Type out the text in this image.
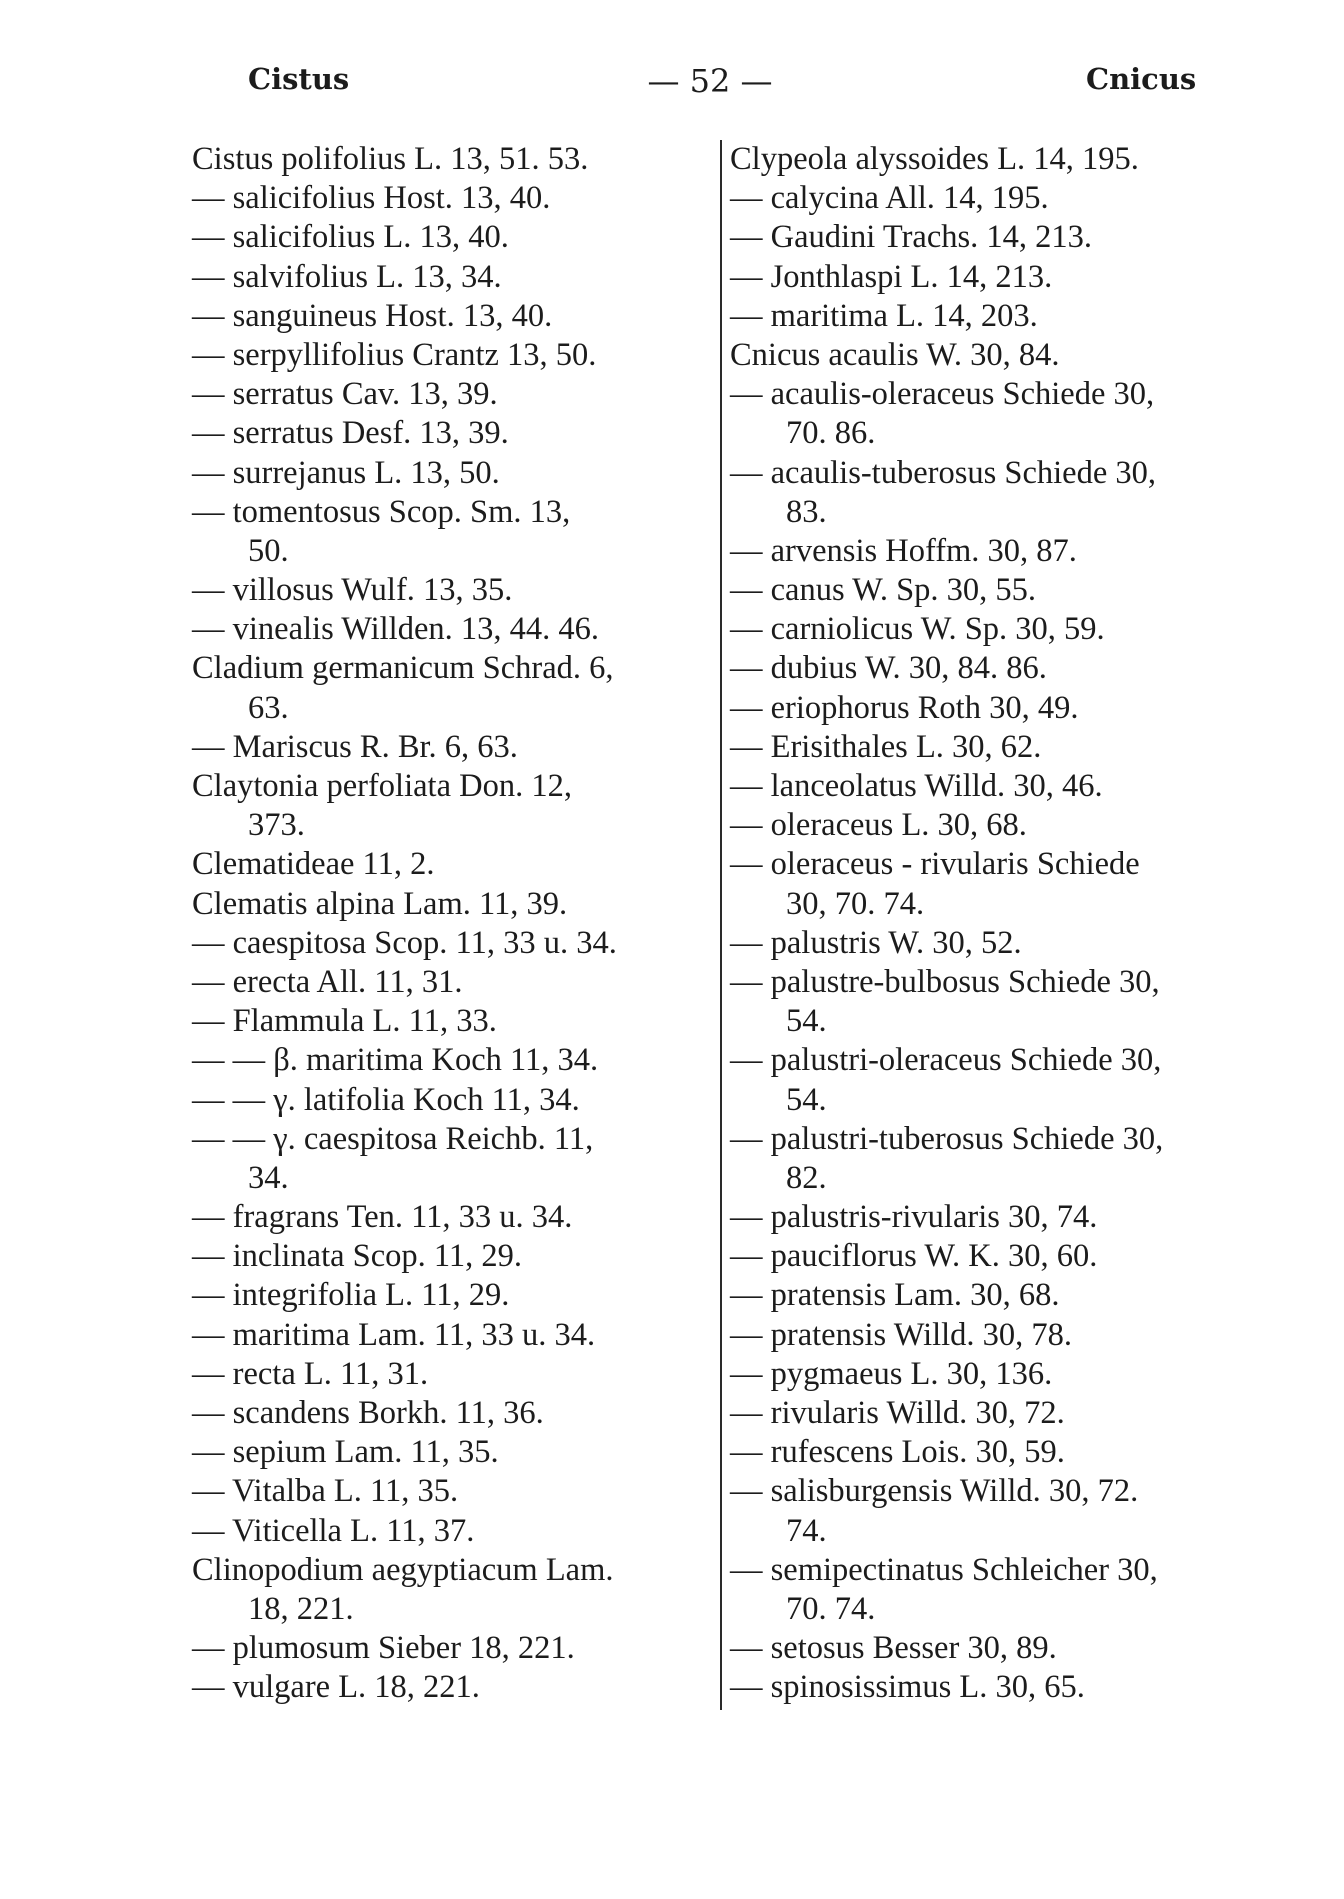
Cistus	— 52 —	Cnicus
Cistus polifolius L. 13, 51. 53.
— salicifolius Host. 13, 40.
— salicifolius L. 13, 40.
— salvifolius L. 13, 34.
— sanguineus Host. 13, 40.
— serpyllifolius Crantz 13, 50.
— serratus Cav. 13, 39.
— serratus Desf. 13, 39.
— surrejanus L. 13, 50.
— tomentosus Scop. Sm. 13,
50.
— villosus Wulf. 13, 35.
— vinealis Willden. 13, 44. 46.
Cladium germanicum Schrad. 6,
63.
— Mariscus R. Br. 6, 63.
Claytonia perfoliata Don. 12,
373.
Clematideae 11, 2.
Clematis alpina Lam. 11, 39.
— caespitosa Scop. 11, 33 u. 34.
— erecta All. 11, 31.
— Flammula L. 11, 33.
— — β. maritima Koch 11, 34.
— — γ. latifolia Koch 11, 34.
— — γ. caespitosa Reichb. 11,
34.
— fragrans Ten. 11, 33 u. 34.
— inclinata Scop. 11, 29.
— integrifolia L. 11, 29.
— maritima Lam. 11, 33 u. 34.
— recta L. 11, 31.
— scandens Borkh. 11, 36.
— sepium Lam. 11, 35.
— Vitalba L. 11, 35.
— Viticella L. 11, 37.
Clinopodium aegyptiacum Lam.
18, 221.
— plumosum Sieber 18, 221.
— vulgare L. 18, 221.
Clypeola alyssoides L. 14, 195.
— calycina All. 14, 195.
— Gaudini Trachs. 14, 213.
— Jonthlaspi L. 14, 213.
— maritima L. 14, 203.
Cnicus acaulis W. 30, 84.
— acaulis-oleraceus Schiede 30,
70. 86.
— acaulis-tuberosus Schiede 30,
83.
— arvensis Hoffm. 30, 87.
— canus W. Sp. 30, 55.
— carniolicus W. Sp. 30, 59.
— dubius W. 30, 84. 86.
— eriophorus Roth 30, 49.
— Erisithales L. 30, 62.
— lanceolatus Willd. 30, 46.
— oleraceus L. 30, 68.
— oleraceus - rivularis Schiede
30, 70. 74.
— palustris W. 30, 52.
— palustre-bulbosus Schiede 30,
54.
— palustri-oleraceus Schiede 30,
54.
— palustri-tuberosus Schiede 30,
82.
— palustris-rivularis 30, 74.
— pauciflorus W. K. 30, 60.
— pratensis Lam. 30, 68.
— pratensis Willd. 30, 78.
— pygmaeus L. 30, 136.
— rivularis Willd. 30, 72.
— rufescens Lois. 30, 59.
— salisburgensis Willd. 30, 72.
74.
— semipectinatus Schleicher 30,
70. 74.
— setosus Besser 30, 89.
— spinosissimus L. 30, 65.
